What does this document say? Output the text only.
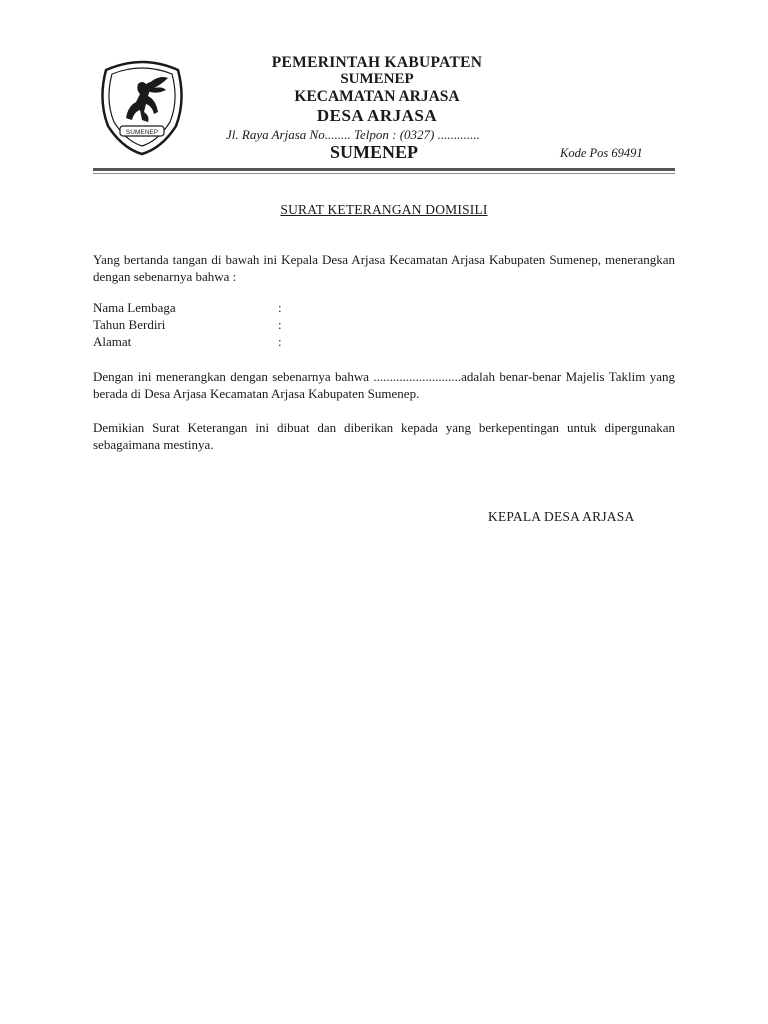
SUMENEP
PEMERINTAH KABUPATEN
SUMENEP
KECAMATAN ARJASA
DESA ARJASA
Jl. Raya Arjasa No........ Telpon : (0327) .............
SUMENEP	Kode Pos 69491
SURAT KETERANGAN DOMISILI
Yang bertanda tangan di bawah ini Kepala Desa Arjasa Kecamatan Arjasa Kabupaten Sumenep, menerangkan dengan sebenarnya bahwa :
Nama Lembaga	:
Tahun Berdiri	:
Alamat	:
Dengan ini menerangkan dengan sebenarnya bahwa ...........................adalah benar-benar Majelis Taklim yang berada di Desa Arjasa Kecamatan Arjasa Kabupaten Sumenep.
Demikian Surat Keterangan ini dibuat dan diberikan kepada yang berkepentingan untuk dipergunakan sebagaimana mestinya.
KEPALA DESA ARJASA
